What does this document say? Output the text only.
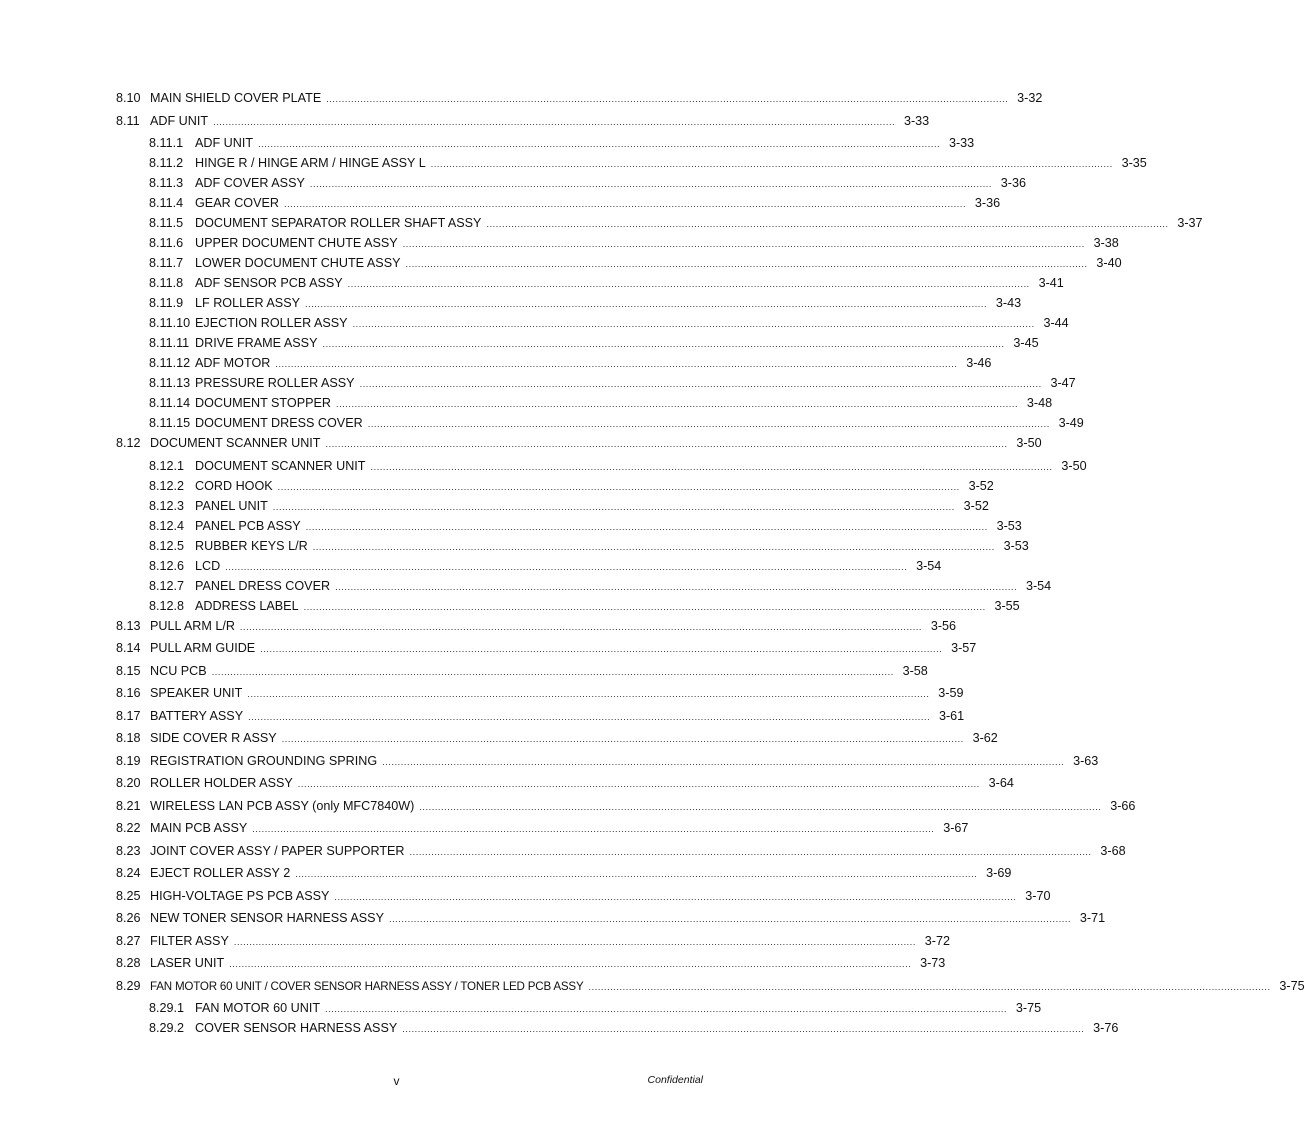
8.10 MAIN SHIELD COVER PLATE ............................................................................................................................................................................................................................ 3-32
8.11 ADF UNIT ............................................................................................................................................................................................................................ 3-33
8.11.1 ADF UNIT ............................................................................................................................................................................................................................ 3-33
8.11.2 HINGE R / HINGE ARM / HINGE ASSY L ............................................................................................................................................................................................................................ 3-35
8.11.3 ADF COVER ASSY ............................................................................................................................................................................................................................ 3-36
8.11.4 GEAR COVER ............................................................................................................................................................................................................................ 3-36
8.11.5 DOCUMENT SEPARATOR ROLLER SHAFT ASSY ............................................................................................................................................................................................................................ 3-37
8.11.6 UPPER DOCUMENT CHUTE ASSY ............................................................................................................................................................................................................................ 3-38
8.11.7 LOWER DOCUMENT CHUTE ASSY ............................................................................................................................................................................................................................ 3-40
8.11.8 ADF SENSOR PCB ASSY ............................................................................................................................................................................................................................ 3-41
8.11.9 LF ROLLER ASSY ............................................................................................................................................................................................................................ 3-43
8.11.10 EJECTION ROLLER ASSY ............................................................................................................................................................................................................................ 3-44
8.11.11 DRIVE FRAME ASSY ............................................................................................................................................................................................................................ 3-45
8.11.12 ADF MOTOR ............................................................................................................................................................................................................................ 3-46
8.11.13 PRESSURE ROLLER ASSY ............................................................................................................................................................................................................................ 3-47
8.11.14 DOCUMENT STOPPER ............................................................................................................................................................................................................................ 3-48
8.11.15 DOCUMENT DRESS COVER ............................................................................................................................................................................................................................ 3-49
8.12 DOCUMENT SCANNER UNIT ............................................................................................................................................................................................................................ 3-50
8.12.1 DOCUMENT SCANNER UNIT ............................................................................................................................................................................................................................ 3-50
8.12.2 CORD HOOK ............................................................................................................................................................................................................................ 3-52
8.12.3 PANEL UNIT ............................................................................................................................................................................................................................ 3-52
8.12.4 PANEL PCB ASSY ............................................................................................................................................................................................................................ 3-53
8.12.5 RUBBER KEYS L/R ............................................................................................................................................................................................................................ 3-53
8.12.6 LCD ............................................................................................................................................................................................................................ 3-54
8.12.7 PANEL DRESS COVER ............................................................................................................................................................................................................................ 3-54
8.12.8 ADDRESS LABEL ............................................................................................................................................................................................................................ 3-55
8.13 PULL ARM L/R ............................................................................................................................................................................................................................ 3-56
8.14 PULL ARM GUIDE ............................................................................................................................................................................................................................ 3-57
8.15 NCU PCB ............................................................................................................................................................................................................................ 3-58
8.16 SPEAKER UNIT ............................................................................................................................................................................................................................ 3-59
8.17 BATTERY ASSY ............................................................................................................................................................................................................................ 3-61
8.18 SIDE COVER R ASSY ............................................................................................................................................................................................................................ 3-62
8.19 REGISTRATION GROUNDING SPRING ............................................................................................................................................................................................................................ 3-63
8.20 ROLLER HOLDER ASSY ............................................................................................................................................................................................................................ 3-64
8.21 WIRELESS LAN PCB ASSY (only MFC7840W) ............................................................................................................................................................................................................................ 3-66
8.22 MAIN PCB ASSY ............................................................................................................................................................................................................................ 3-67
8.23 JOINT COVER ASSY / PAPER SUPPORTER ............................................................................................................................................................................................................................ 3-68
8.24 EJECT ROLLER ASSY 2 ............................................................................................................................................................................................................................ 3-69
8.25 HIGH-VOLTAGE PS PCB ASSY ............................................................................................................................................................................................................................ 3-70
8.26 NEW TONER SENSOR HARNESS ASSY ............................................................................................................................................................................................................................ 3-71
8.27 FILTER ASSY ............................................................................................................................................................................................................................ 3-72
8.28 LASER UNIT ............................................................................................................................................................................................................................ 3-73
8.29 FAN MOTOR 60 UNIT / COVER SENSOR HARNESS ASSY / TONER LED PCB ASSY ............................................................................................................................................................................................................................ 3-75
8.29.1 FAN MOTOR 60 UNIT ............................................................................................................................................................................................................................ 3-75
8.29.2 COVER SENSOR HARNESS ASSY ............................................................................................................................................................................................................................ 3-76
v	Confidential
